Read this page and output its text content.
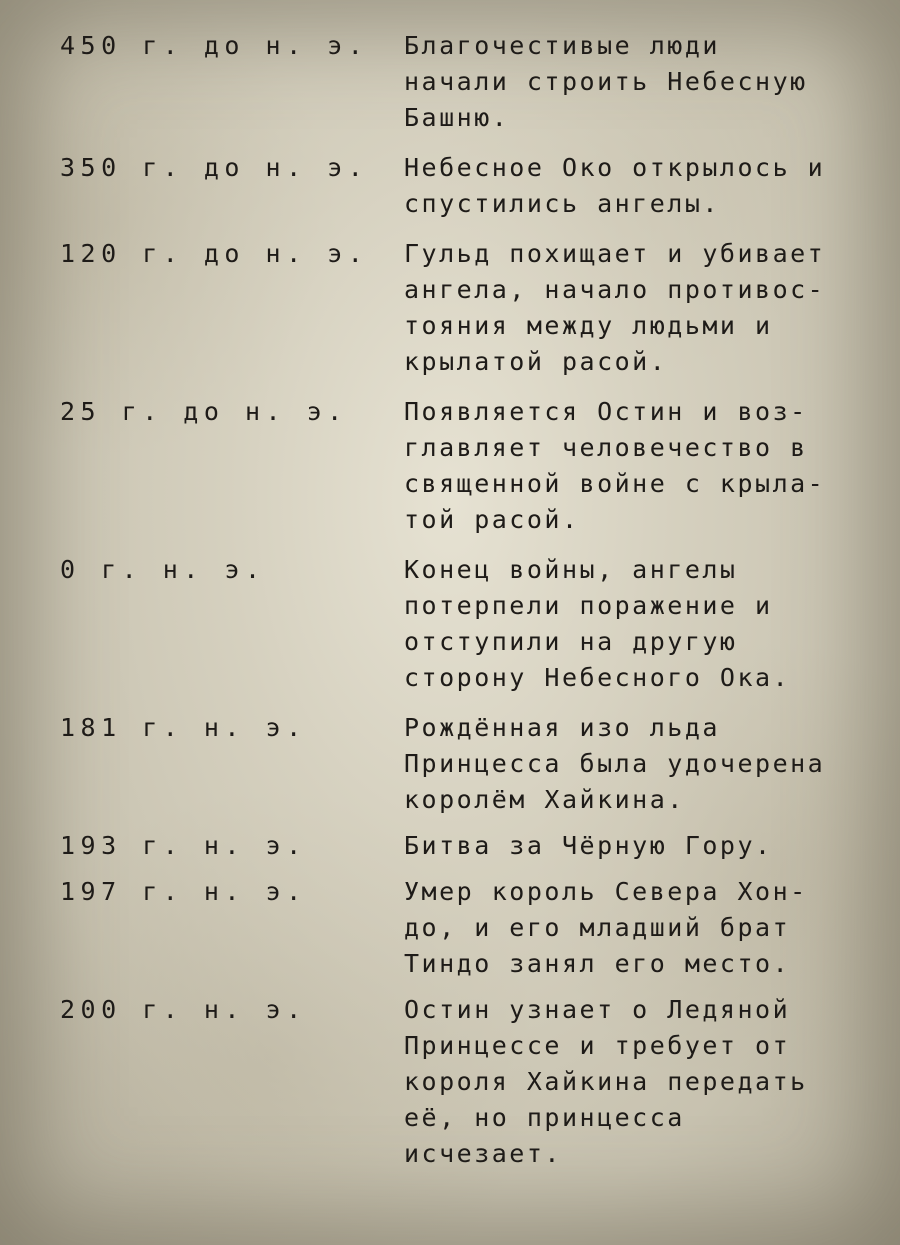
450 г. до н. э.	Благочестивые люди
начали строить Небесную
Башню.
350 г. до н. э.	Небесное Око открылось и
спустились ангелы.
120 г. до н. э.	Гульд похищает и убивает
ангела, начало противос-
тояния между людьми и
крылатой расой.
25 г. до н. э.	Появляется Остин и воз-
главляет человечество в
священной войне с крыла-
той расой.
0 г. н. э.	Конец войны, ангелы
потерпели поражение и
отступили на другую
сторону Небесного Ока.
181 г. н. э.	Рождённая изо льда
Принцесса была удочерена
королём Хайкина.
193 г. н. э.	Битва за Чёрную Гору.
197 г. н. э.	Умер король Севера Хон-
до, и его младший брат
Тиндо занял его место.
200 г. н. э.	Остин узнает о Ледяной
Принцессе и требует от
короля Хайкина передать
её, но принцесса
исчезает.
